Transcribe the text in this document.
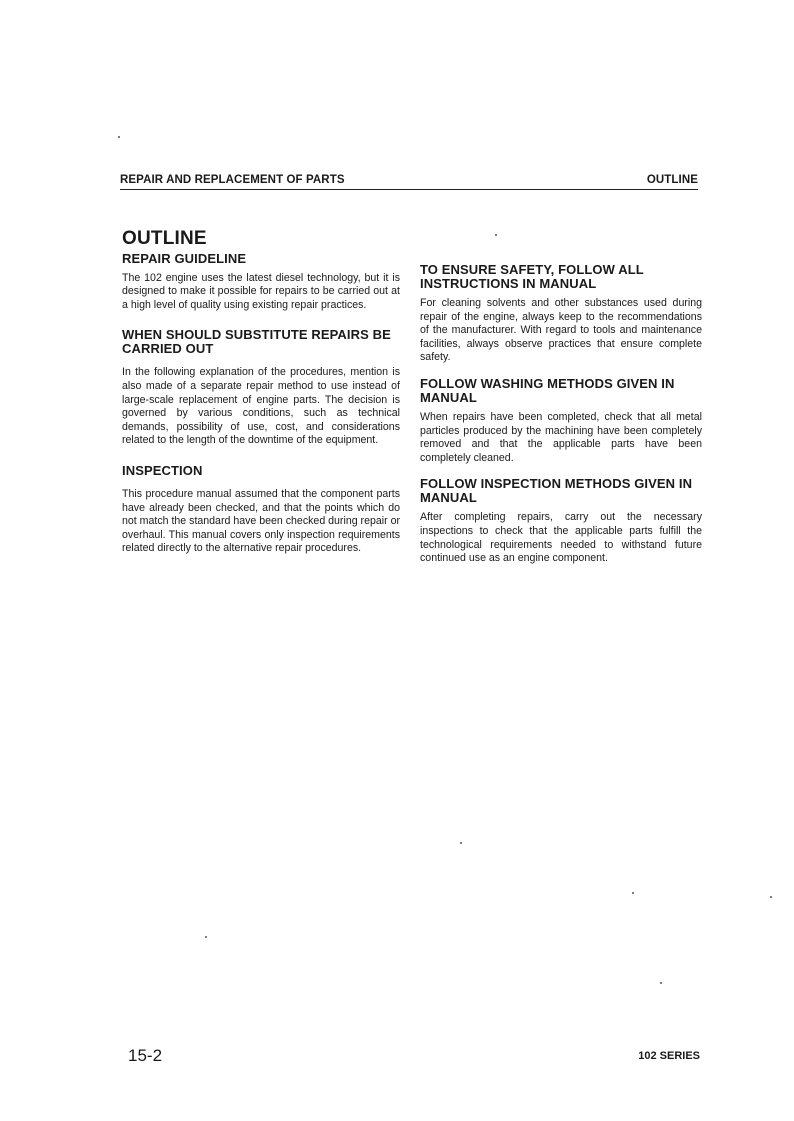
REPAIR AND REPLACEMENT OF PARTS	OUTLINE
OUTLINE
REPAIR GUIDELINE

The 102 engine uses the latest diesel technology, but it is designed to make it possible for repairs to be carried out at a high level of quality using existing repair practices.

WHEN SHOULD SUBSTITUTE REPAIRS BE CARRIED OUT

In the following explanation of the procedures, mention is also made of a separate repair method to use instead of large-scale replacement of engine parts. The decision is governed by various conditions, such as technical demands, possibility of use, cost, and considerations related to the length of the downtime of the equipment.

INSPECTION

This procedure manual assumed that the component parts have already been checked, and that the points which do not match the standard have been checked during repair or overhaul. This manual covers only inspection requirements related directly to the alternative repair procedures.

TO ENSURE SAFETY, FOLLOW ALL INSTRUCTIONS IN MANUAL

For cleaning solvents and other substances used during repair of the engine, always keep to the recommendations of the manufacturer. With regard to tools and maintenance facilities, always observe practices that ensure complete safety.

FOLLOW WASHING METHODS GIVEN IN MANUAL

When repairs have been completed, check that all metal particles produced by the machining have been completely removed and that the applicable parts have been completely cleaned.

FOLLOW INSPECTION METHODS GIVEN IN MANUAL

After completing repairs, carry out the necessary inspections to check that the applicable parts fulfill the technological requirements needed to withstand future continued use as an engine component.

15-2	102 SERIES
